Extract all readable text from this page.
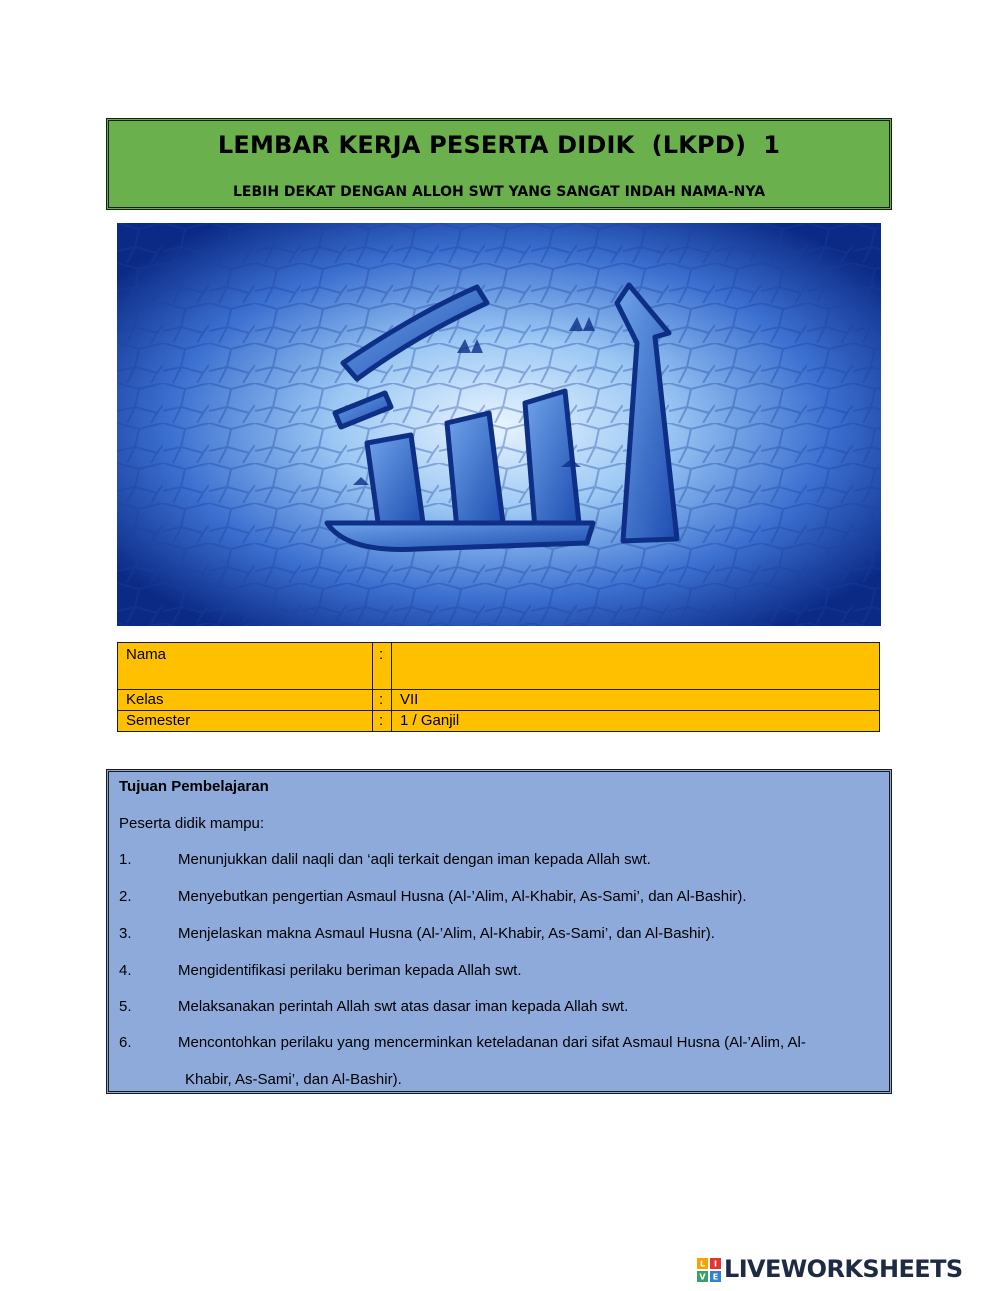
LEMBAR KERJA PESERTA DIDIK  (LKPD)  1
LEBIH DEKAT DENGAN ALLOH SWT YANG SANGAT INDAH NAMA-NYA
Nama	:	
Kelas	:	VII
Semester	:	1 / Ganjil
Tujuan Pembelajaran
Peserta didik mampu:
1.	Menunjukkan dalil naqli dan ‘aqli terkait dengan iman kepada Allah swt.
2.	Menyebutkan pengertian Asmaul Husna (Al-’Alim, Al-Khabir, As-Sami’, dan Al-Bashir).
3.	Menjelaskan makna Asmaul Husna (Al-’Alim, Al-Khabir, As-Sami’, dan Al-Bashir).
4.	Mengidentifikasi perilaku beriman kepada Allah swt.
5.	Melaksanakan perintah Allah swt atas dasar iman kepada Allah swt.
6.	Mencontohkan perilaku yang mencerminkan keteladanan dari sifat Asmaul Husna (Al-’Alim, Al-
Khabir, As-Sami’, dan Al-Bashir).
L I
V E LIVEWORKSHEETS
